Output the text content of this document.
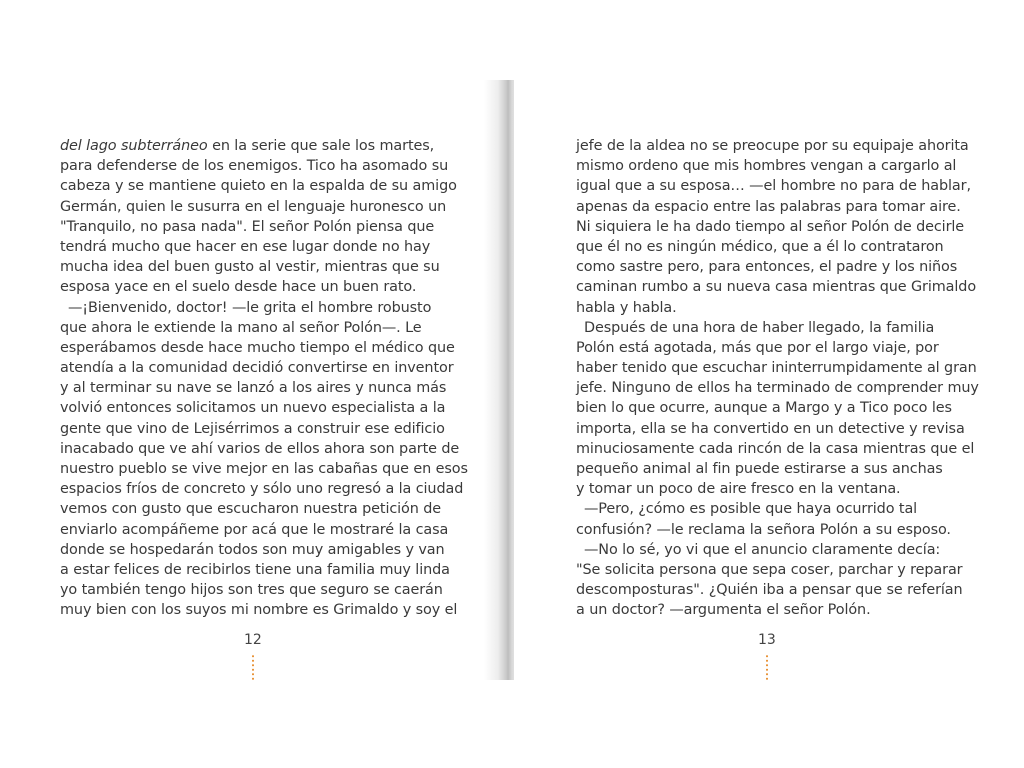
del lago subterráneo en la serie que sale los martes,
para defenderse de los enemigos. Tico ha asomado su
cabeza y se mantiene quieto en la espalda de su amigo
Germán, quien le susurra en el lenguaje huronesco un
"Tranquilo, no pasa nada". El señor Polón piensa que
tendrá mucho que hacer en ese lugar donde no hay
mucha idea del buen gusto al vestir, mientras que su
esposa yace en el suelo desde hace un buen rato.
—¡Bienvenido, doctor! —le grita el hombre robusto
que ahora le extiende la mano al señor Polón—. Le
esperábamos desde hace mucho tiempo el médico que
atendía a la comunidad decidió convertirse en inventor
y al terminar su nave se lanzó a los aires y nunca más
volvió entonces solicitamos un nuevo especialista a la
gente que vino de Lejisérrimos a construir ese edificio
inacabado que ve ahí varios de ellos ahora son parte de
nuestro pueblo se vive mejor en las cabañas que en esos
espacios fríos de concreto y sólo uno regresó a la ciudad
vemos con gusto que escucharon nuestra petición de
enviarlo acompáñeme por acá que le mostraré la casa
donde se hospedarán todos son muy amigables y van
a estar felices de recibirlos tiene una familia muy linda
yo también tengo hijos son tres que seguro se caerán
muy bien con los suyos mi nombre es Grimaldo y soy el
12
jefe de la aldea no se preocupe por su equipaje ahorita
mismo ordeno que mis hombres vengan a cargarlo al
igual que a su esposa… —el hombre no para de hablar,
apenas da espacio entre las palabras para tomar aire.
Ni siquiera le ha dado tiempo al señor Polón de decirle
que él no es ningún médico, que a él lo contrataron
como sastre pero, para entonces, el padre y los niños
caminan rumbo a su nueva casa mientras que Grimaldo
habla y habla.
Después de una hora de haber llegado, la familia
Polón está agotada, más que por el largo viaje, por
haber tenido que escuchar ininterrumpidamente al gran
jefe. Ninguno de ellos ha terminado de comprender muy
bien lo que ocurre, aunque a Margo y a Tico poco les
importa, ella se ha convertido en un detective y revisa
minuciosamente cada rincón de la casa mientras que el
pequeño animal al fin puede estirarse a sus anchas
y tomar un poco de aire fresco en la ventana.
—Pero, ¿cómo es posible que haya ocurrido tal
confusión? —le reclama la señora Polón a su esposo.
—No lo sé, yo vi que el anuncio claramente decía:
"Se solicita persona que sepa coser, parchar y reparar
descomposturas". ¿Quién iba a pensar que se referían
a un doctor? —argumenta el señor Polón.
13
